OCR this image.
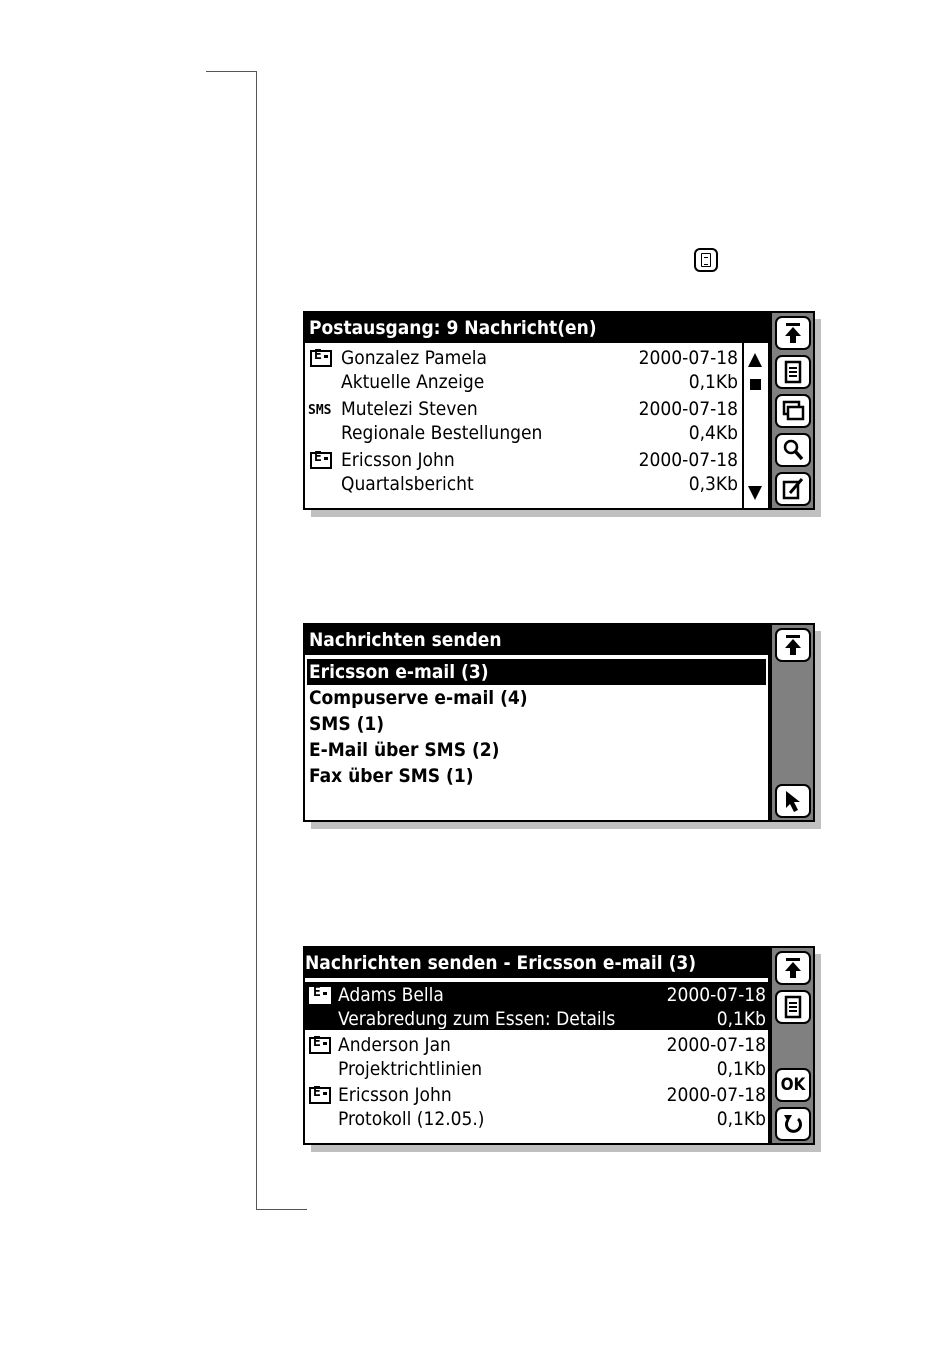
Postausgang: 9 Nachricht(en)
E
Gonzalez Pamela	2000-07-18
Aktuelle Anzeige	0,1Kb
SMS Mutelezi Steven	2000-07-18
Regionale Bestellungen	0,4Kb
E
Ericsson John	2000-07-18
Quartalsbericht	0,3Kb
Nachrichten senden
Ericsson e-mail (3)
Compuserve e-mail (4)
SMS (1)
E-Mail über SMS (2)
Fax über SMS (1)
Nachrichten senden - Ericsson e-mail (3)
E
Adams Bella	2000-07-18
Verabredung zum Essen: Details	0,1Kb
E
Anderson Jan	2000-07-18
Projektrichtlinien	0,1Kb
E
Ericsson John	2000-07-18
Protokoll (12.05.)	0,1Kb
OK
